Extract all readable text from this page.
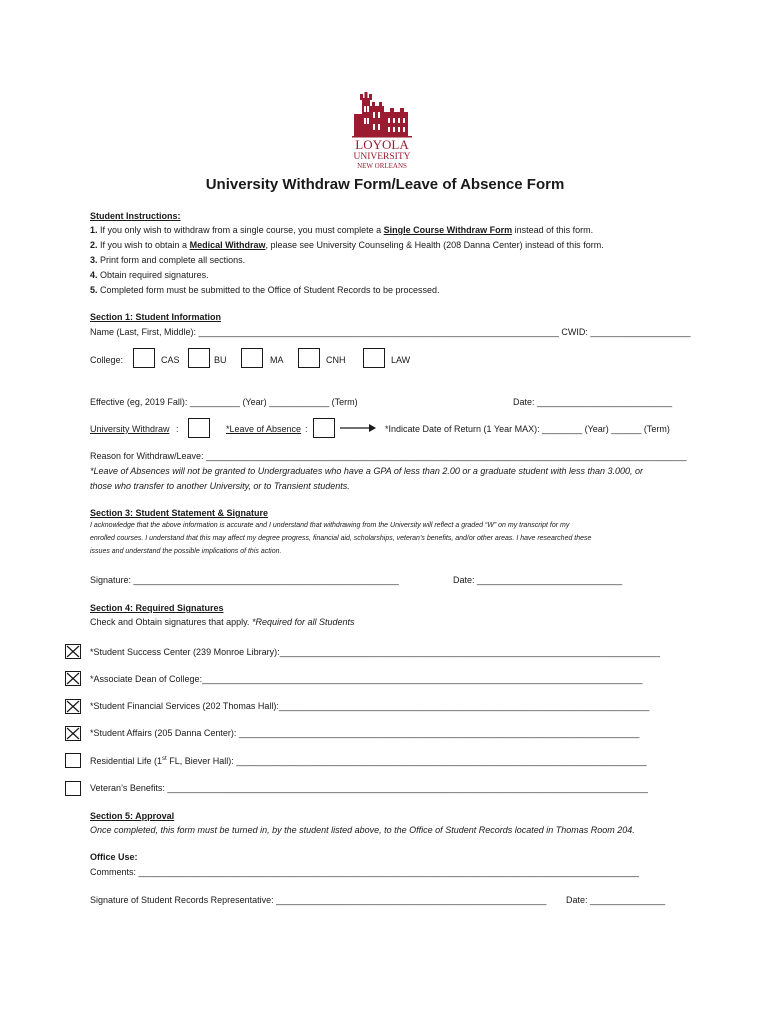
LOYOLA
UNIVERSITY
NEW ORLEANS
University Withdraw Form/Leave of Absence Form
Student Instructions:
1. If you only wish to withdraw from a single course, you must complete a Single Course Withdraw Form instead of this form.
2. If you wish to obtain a Medical Withdraw, please see University Counseling & Health (208 Danna Center) instead of this form.
3. Print form and complete all sections.
4. Obtain required signatures.
5. Completed form must be submitted to the Office of Student Records to be processed.
Section 1: Student Information
Name (Last, First, Middle): ________________________________________________________________________ CWID: ____________________
College:	CAS	BU	MA	CNH	LAW
Effective (eg, 2019 Fall): __________ (Year) ____________ (Term)	Date: ___________________________
University Withdraw :	*Leave of Absence :	*Indicate Date of Return (1 Year MAX): ________ (Year) ______ (Term)
Reason for Withdraw/Leave: ________________________________________________________________________________________________
*Leave of Absences will not be granted to Undergraduates who have a GPA of less than 2.00 or a graduate student with less than 3.000, or
those who transfer to another University, or to Transient students.
Section 3: Student Statement & Signature
I acknowledge that the above information is accurate and I understand that withdrawing from the University will reflect a graded “W” on my transcript for my
enrolled courses. I understand that this may affect my degree progress, financial aid, scholarships, veteran’s benefits, and/or other areas. I have researched these
issues and understand the possible implications of this action.
Signature: _____________________________________________________	Date: _____________________________
Section 4: Required Signatures
Check and Obtain signatures that apply. *Required for all Students
*Student Success Center (239 Monroe Library):____________________________________________________________________________
*Associate Dean of College:________________________________________________________________________________________
*Student Financial Services (202 Thomas Hall):__________________________________________________________________________
*Student Affairs (205 Danna Center): ________________________________________________________________________________
Residential Life (1st FL, Biever Hall): __________________________________________________________________________________
Veteran’s Benefits: ________________________________________________________________________________________________
Section 5: Approval
Once completed, this form must be turned in, by the student listed above, to the Office of Student Records located in Thomas Room 204.
Office Use:
Comments: ____________________________________________________________________________________________________
Signature of Student Records Representative: ______________________________________________________ Date: _______________
